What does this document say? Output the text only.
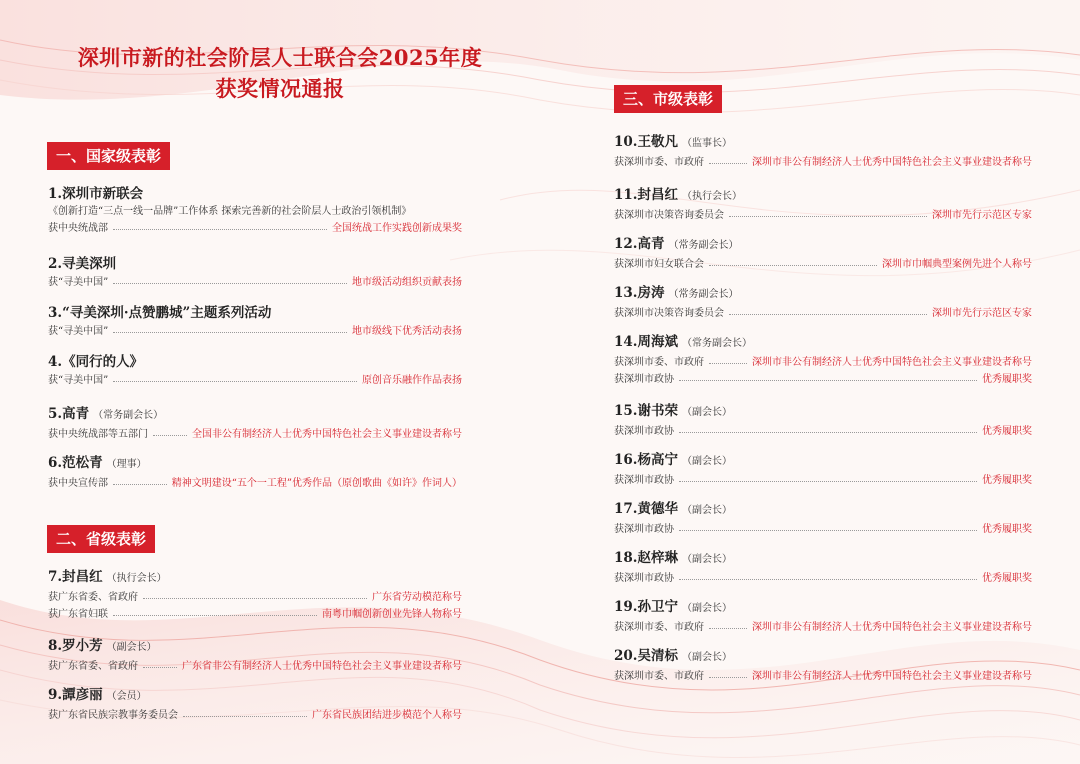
深圳市新的社会阶层人士联合会2025年度
获奖情况通报
一、国家级表彰
1.深圳市新联会
《创新打造“三点一线一品牌”工作体系 探索完善新的社会阶层人士政治引领机制》
获中央统战部	全国统战工作实践创新成果奖
2.寻美深圳
获“寻美中国”	地市级活动组织贡献表扬
3.“寻美深圳·点赞鹏城”主题系列活动
获“寻美中国”	地市级线下优秀活动表扬
4.《同行的人》
获“寻美中国”	原创音乐融作作品表扬
5.高青 （常务副会长）
获中央统战部等五部门	全国非公有制经济人士优秀中国特色社会主义事业建设者称号
6.范松青 （理事）
获中央宣传部	精神文明建设“五个一工程”优秀作品（原创歌曲《如许》作词人）
二、省级表彰
7.封昌红 （执行会长）
获广东省委、省政府	广东省劳动模范称号
获广东省妇联	南粤巾帼创新创业先锋人物称号
8.罗小芳 （副会长）
获广东省委、省政府	广东省非公有制经济人士优秀中国特色社会主义事业建设者称号
9.譚彦丽 （会员）
获广东省民族宗教事务委员会	广东省民族团结进步模范个人称号
三、市级表彰
10.王敬凡 （监事长）
获深圳市委、市政府	深圳市非公有制经济人士优秀中国特色社会主义事业建设者称号
11.封昌红 （执行会长）
获深圳市决策咨询委员会	深圳市先行示范区专家
12.高青 （常务副会长）
获深圳市妇女联合会	深圳市巾帼典型案例先进个人称号
13.房涛 （常务副会长）
获深圳市决策咨询委员会	深圳市先行示范区专家
14.周海斌 （常务副会长）
获深圳市委、市政府	深圳市非公有制经济人士优秀中国特色社会主义事业建设者称号
获深圳市政协	优秀履职奖
15.谢书荣 （副会长）
获深圳市政协	优秀履职奖
16.杨高宁 （副会长）
获深圳市政协	优秀履职奖
17.黄德华 （副会长）
获深圳市政协	优秀履职奖
18.赵梓琳 （副会长）
获深圳市政协	优秀履职奖
19.孙卫宁 （副会长）
获深圳市委、市政府	深圳市非公有制经济人士优秀中国特色社会主义事业建设者称号
20.吴清标 （副会长）
获深圳市委、市政府	深圳市非公有制经济人士优秀中国特色社会主义事业建设者称号
